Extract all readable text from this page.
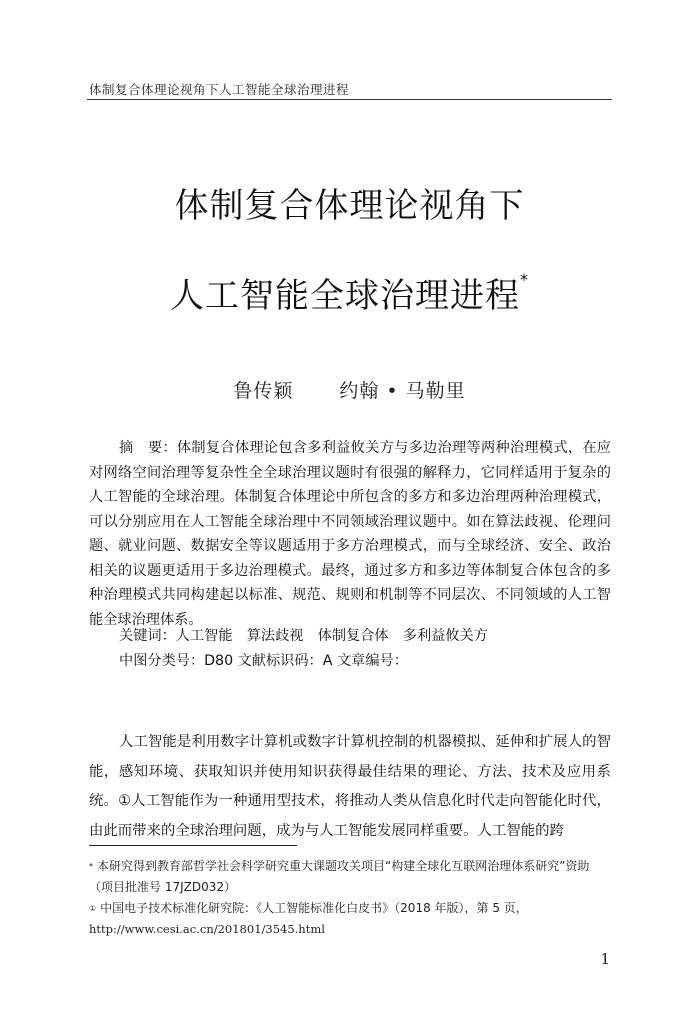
体制复合体理论视角下人工智能全球治理进程
体制复合体理论视角下
人工智能全球治理进程*
鲁传颖 约翰 • 马勒里

摘　要：体制复合体理论包含多利益攸关方与多边治理等两种治理模式，在应对网络空间治理等复杂性全全球治理议题时有很强的解释力，它同样适用于复杂的人工智能的全球治理。体制复合体理论中所包含的多方和多边治理两种治理模式，可以分别应用在人工智能全球治理中不同领域治理议题中。如在算法歧视、伦理问题、就业问题、数据安全等议题适用于多方治理模式，而与全球经济、安全、政治相关的议题更适用于多边治理模式。最终，通过多方和多边等体制复合体包含的多种治理模式共同构建起以标准、规范、规则和机制等不同层次、不同领域的人工智能全球治理体系。

关键词：人工智能　算法歧视　体制复合体　多利益攸关方

中图分类号：D80 文献标识码：A 文章编号：

人工智能是利用数字计算机或数字计算机控制的机器模拟、延伸和扩展人的智能，感知环境、获取知识并使用知识获得最佳结果的理论、方法、技术及应用系统。①人工智能作为一种通用型技术，将推动人类从信息化时代走向智能化时代，由此而带来的全球治理问题，成为与人工智能发展同样重要。人工智能的跨

* 本研究得到教育部哲学社会科学研究重大课题攻关项目“构建全球化互联网治理体系研究”资助（项目批准号 17JZD032）

① 中国电子技术标准化研究院：《人工智能标准化白皮书》（2018 年版），第 5 页，
http://www.cesi.ac.cn/201801/3545.html

1
